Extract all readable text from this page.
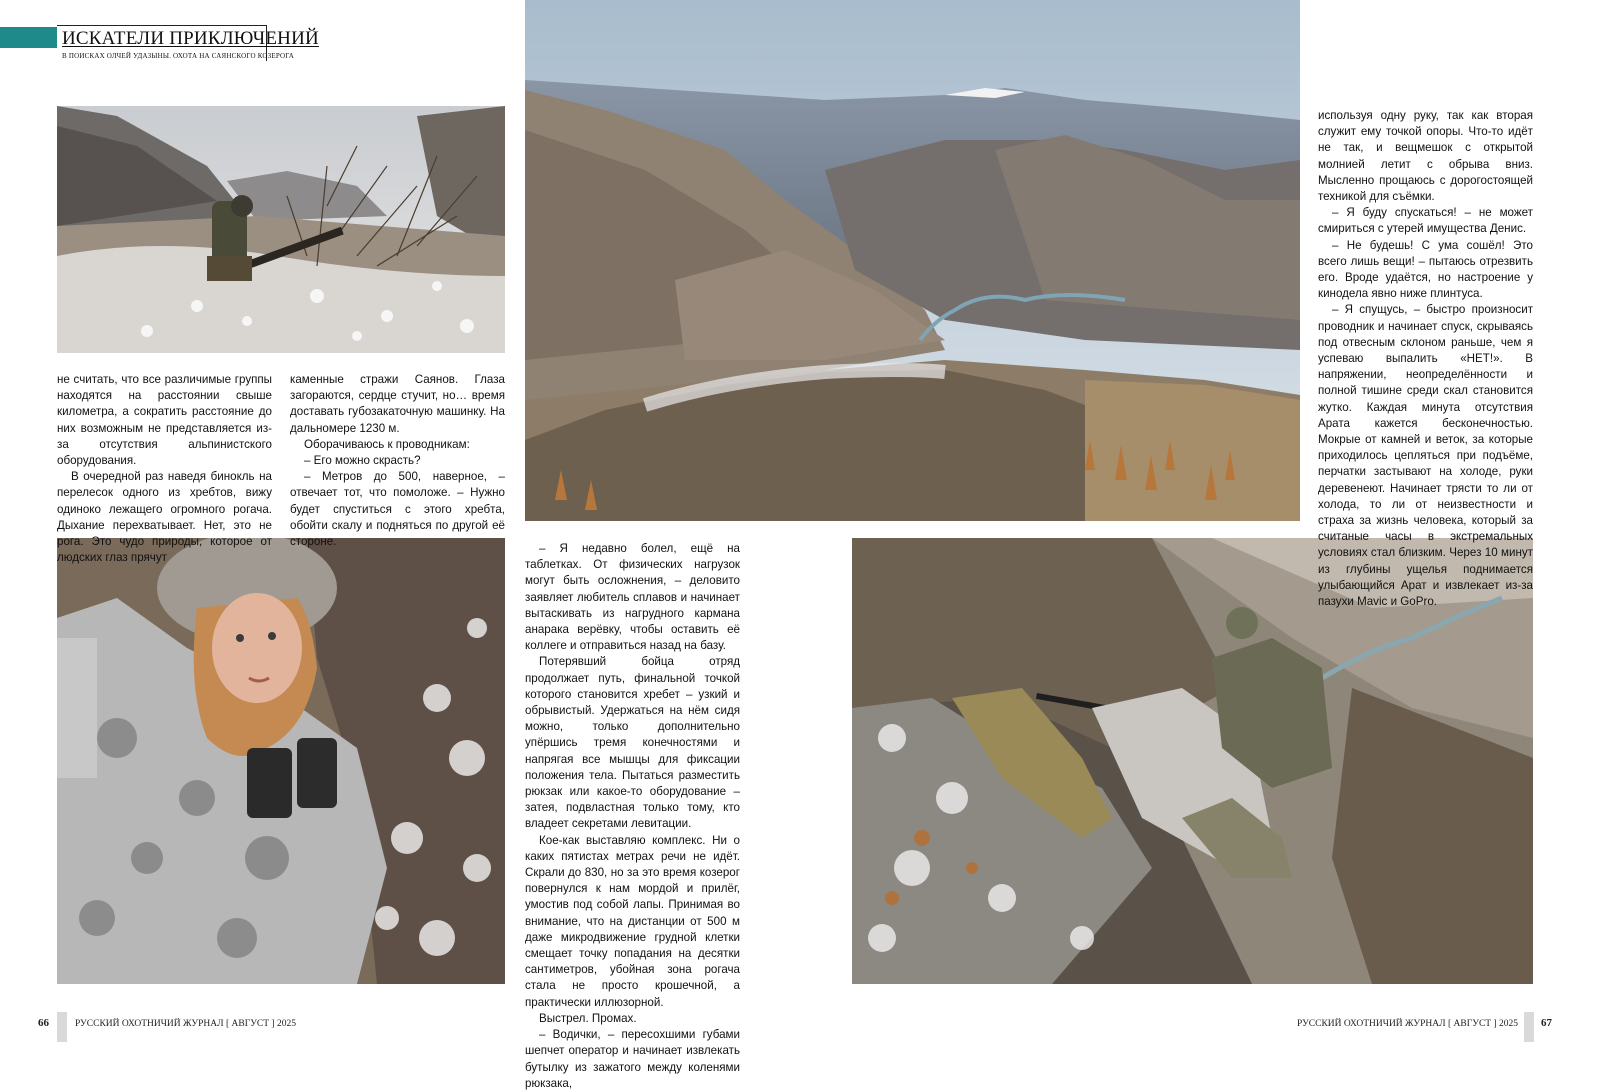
ИСКАТЕЛИ ПРИКЛЮЧЕНИЙ
В ПОИСКАХ ОЛЧЕЙ УДАЗЫНЫ. ОХОТА НА САЯНСКОГО КОЗЕРОГА

не считать, что все различимые группы находятся на расстоянии свыше километра, а сократить расстояние до них возможным не представляется из-за отсутствия альпинистского оборудования.

В очередной раз наведя бинокль на перелесок одного из хребтов, вижу одиноко лежащего огромного рогача. Дыхание перехватывает. Нет, это не рога. Это чудо природы, которое от людских глаз прячут

каменные стражи Саянов. Глаза загораются, сердце стучит, но… время доставать губозакаточную машинку. На дальномере 1230 м.

Оборачиваюсь к проводникам:

– Его можно скрасть?

– Метров до 500, наверное, – отвечает тот, что помоложе. – Нужно будет спуститься с этого хребта, обойти скалу и подняться по другой её стороне.

– Я недавно болел, ещё на таблетках. От физических нагрузок могут быть осложнения, – деловито заявляет любитель сплавов и начинает вытаскивать из нагрудного кармана анарака верёвку, чтобы оставить её коллеге и отправиться назад на базу.

Потерявший бойца отряд продолжает путь, финальной точкой которого становится хребет – узкий и обрывистый. Удержаться на нём сидя можно, только дополнительно упёршись тремя конечностями и напрягая все мышцы для фиксации положения тела. Пытаться разместить рюкзак или какое-то оборудование – затея, подвластная только тому, кто владеет секретами левитации.

Кое-как выставляю комплекс. Ни о каких пятистах метрах речи не идёт. Скрали до 830, но за это время козерог повернулся к нам мордой и прилёг, умостив под собой лапы. Принимая во внимание, что на дистанции от 500 м даже микродвижение грудной клетки смещает точку попадания на десятки сантиметров, убойная зона рогача стала не просто крошечной, а практически иллюзорной.

Выстрел. Промах.

– Водички, – пересохшими губами шепчет оператор и начинает извлекать бутылку из зажатого между коленями рюкзака,

используя одну руку, так как вторая служит ему точкой опоры. Что-то идёт не так, и вещмешок с открытой молнией летит с обрыва вниз. Мысленно прощаюсь с дорогостоящей техникой для съёмки.

– Я буду спускаться! – не может смириться с утерей имущества Денис.

– Не будешь! С ума сошёл! Это всего лишь вещи! – пытаюсь отрезвить его. Вроде удаётся, но настроение у кинодела явно ниже плинтуса.

– Я спущусь, – быстро произносит проводник и начинает спуск, скрываясь под отвесным склоном раньше, чем я успеваю выпалить «НЕТ!». В напряжении, неопределённости и полной тишине среди скал становится жутко. Каждая минута отсутствия Арата кажется бесконечностью. Мокрые от камней и веток, за которые приходилось цепляться при подъёме, перчатки застывают на холоде, руки деревенеют. Начинает трясти то ли от холода, то ли от неизвестности и страха за жизнь человека, который за считаные часы в экстремальных условиях стал близким. Через 10 минут из глубины ущелья поднимается улыбающийся Арат и извлекает из-за пазухи Mavic и GoPro.

66	РУССКИЙ ОХОТНИЧИЙ ЖУРНАЛ [ АВГУСТ ] 2025	РУССКИЙ ОХОТНИЧИЙ ЖУРНАЛ [ АВГУСТ ] 2025 67
